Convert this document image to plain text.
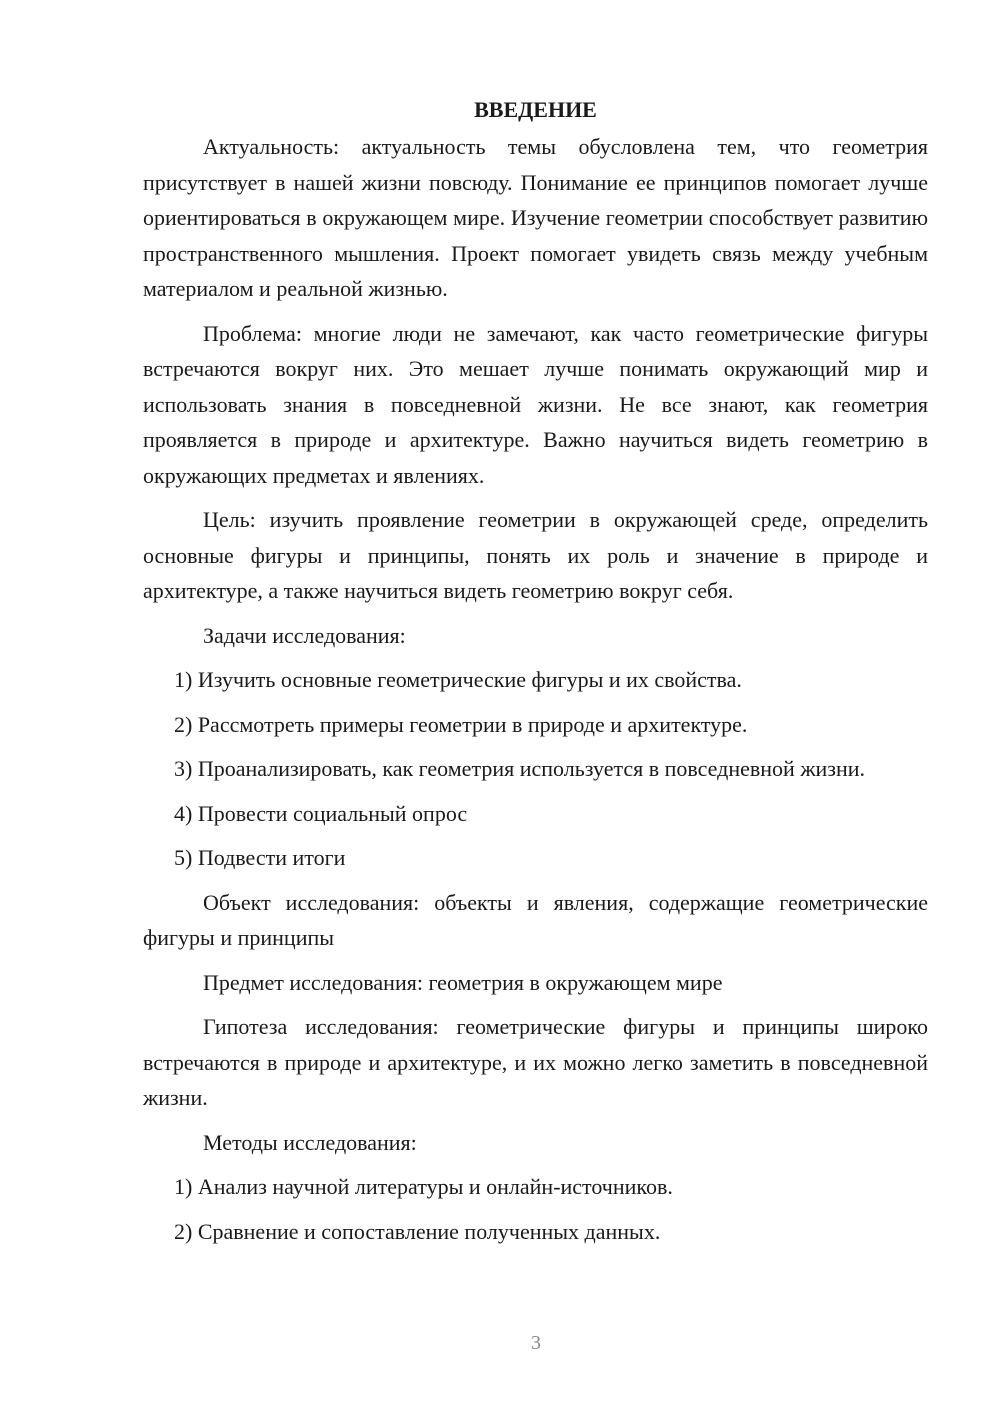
ВВЕДЕНИЕ

Актуальность: актуальность темы обусловлена тем, что геометрия присутствует в нашей жизни повсюду. Понимание ее принципов помогает лучше ориентироваться в окружающем мире. Изучение геометрии способствует развитию пространственного мышления. Проект помогает увидеть связь между учебным материалом и реальной жизнью.

Проблема: многие люди не замечают, как часто геометрические фигуры встречаются вокруг них. Это мешает лучше понимать окружающий мир и использовать знания в повседневной жизни. Не все знают, как геометрия проявляется в природе и архитектуре. Важно научиться видеть геометрию в окружающих предметах и явлениях.

Цель: изучить проявление геометрии в окружающей среде, определить основные фигуры и принципы, понять их роль и значение в природе и архитектуре, а также научиться видеть геометрию вокруг себя.

Задачи исследования:

1) Изучить основные геометрические фигуры и их свойства.

2) Рассмотреть примеры геометрии в природе и архитектуре.

3) Проанализировать, как геометрия используется в повседневной жизни.

4) Провести социальный опрос

5) Подвести итоги

Объект исследования: объекты и явления, содержащие геометрические фигуры и принципы

Предмет исследования: геометрия в окружающем мире

Гипотеза исследования: геометрические фигуры и принципы широко встречаются в природе и архитектуре, и их можно легко заметить в повседневной жизни.

Методы исследования:

1) Анализ научной литературы и онлайн-источников.

2) Сравнение и сопоставление полученных данных.

3
